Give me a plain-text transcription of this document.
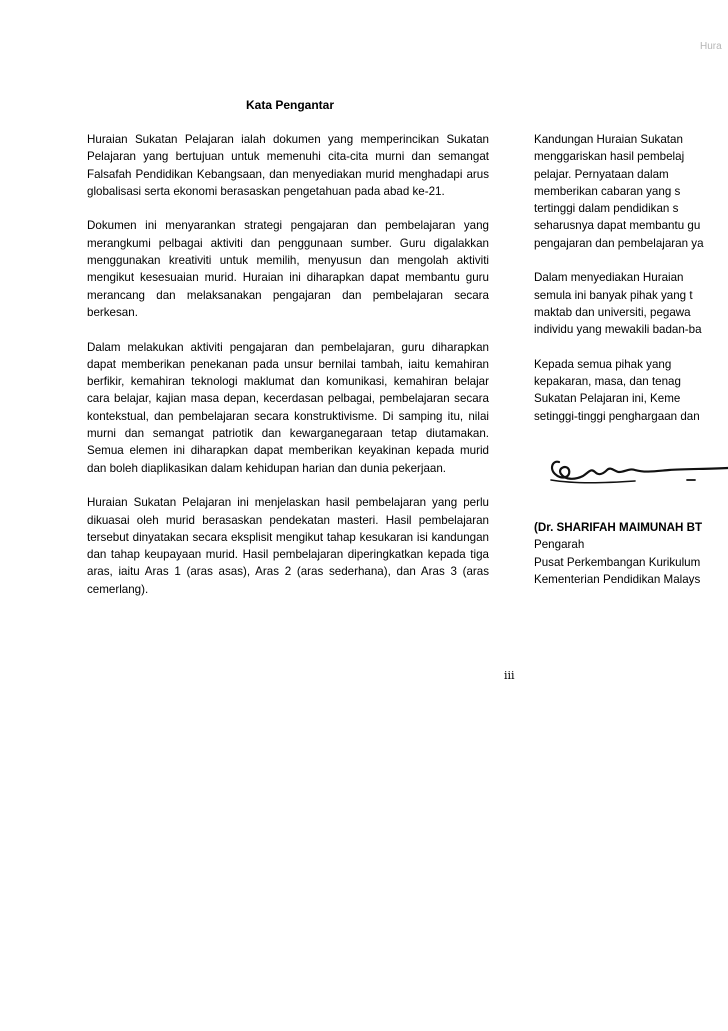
Hura
Kata Pengantar

Huraian Sukatan Pelajaran ialah dokumen yang memperincikan Sukatan Pelajaran yang bertujuan untuk memenuhi cita-cita murni dan semangat Falsafah Pendidikan Kebangsaan, dan menyediakan murid menghadapi arus globalisasi serta ekonomi berasaskan pengetahuan pada abad ke-21.

Dokumen ini menyarankan strategi pengajaran dan pembelajaran yang merangkumi pelbagai aktiviti dan penggunaan sumber. Guru digalakkan menggunakan kreativiti untuk memilih, menyusun dan mengolah aktiviti mengikut kesesuaian murid. Huraian ini diharapkan dapat membantu guru merancang dan melaksanakan pengajaran dan pembelajaran secara berkesan.

Dalam melakukan aktiviti pengajaran dan pembelajaran, guru diharapkan dapat memberikan penekanan pada unsur bernilai tambah, iaitu kemahiran berfikir, kemahiran teknologi maklumat dan komunikasi, kemahiran belajar cara belajar, kajian masa depan, kecerdasan pelbagai, pembelajaran secara kontekstual, dan pembelajaran secara konstruktivisme. Di samping itu, nilai murni dan semangat patriotik dan kewarganegaraan tetap diutamakan. Semua elemen ini diharapkan dapat memberikan keyakinan kepada murid dan boleh diaplikasikan dalam kehidupan harian dan dunia pekerjaan.

Huraian Sukatan Pelajaran ini menjelaskan hasil pembelajaran yang perlu dikuasai oleh murid berasaskan pendekatan masteri. Hasil pembelajaran tersebut dinyatakan secara eksplisit mengikut tahap kesukaran isi kandungan dan tahap keupayaan murid. Hasil pembelajaran diperingkatkan kepada tiga aras, iaitu Aras 1 (aras asas), Aras 2 (aras sederhana), dan Aras 3 (aras cemerlang).

Kandungan Huraian Sukatan
menggariskan hasil pembelaj
pelajar. Pernyataan dalam
memberikan cabaran yang s
tertinggi dalam pendidikan s
seharusnya dapat membantu gu
pengajaran dan pembelajaran ya

Dalam menyediakan Huraian
semula ini banyak pihak yang t
maktab dan universiti, pegawa
individu yang mewakili badan-ba

Kepada semua pihak yang
kepakaran, masa, dan tenag
Sukatan Pelajaran ini, Keme
setinggi-tinggi penghargaan dan

(Dr. SHARIFAH MAIMUNAH BT
Pengarah
Pusat Perkembangan Kurikulum
Kementerian Pendidikan Malays
iii
